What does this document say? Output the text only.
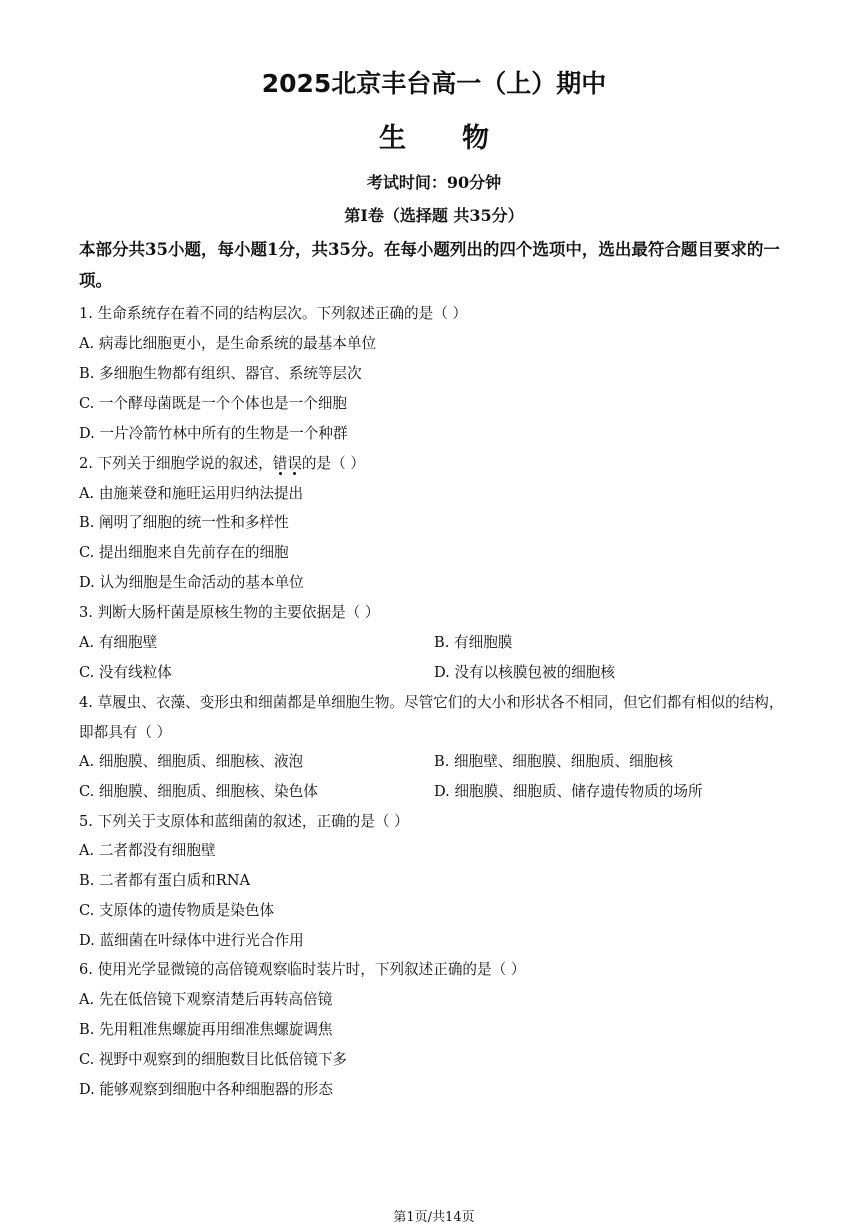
2025北京丰台高一（上）期中
生 物
考试时间：90分钟
第I卷（选择题 共35分）
本部分共35小题，每小题1分，共35分。在每小题列出的四个选项中，选出最符合题目要求的一项。
1. 生命系统存在着不同的结构层次。下列叙述正确的是（ ）
A. 病毒比细胞更小，是生命系统的最基本单位
B. 多细胞生物都有组织、器官、系统等层次
C. 一个酵母菌既是一个个体也是一个细胞
D. 一片冷箭竹林中所有的生物是一个种群
2. 下列关于细胞学说的叙述，错误的是（ ）
A. 由施莱登和施旺运用归纳法提出
B. 阐明了细胞的统一性和多样性
C. 提出细胞来自先前存在的细胞
D. 认为细胞是生命活动的基本单位
3. 判断大肠杆菌是原核生物的主要依据是（ ）
A. 有细胞壁	B. 有细胞膜
C. 没有线粒体	D. 没有以核膜包被的细胞核
4. 草履虫、衣藻、变形虫和细菌都是单细胞生物。尽管它们的大小和形状各不相同，但它们都有相似的结构，即都具有（ ）
A. 细胞膜、细胞质、细胞核、液泡	B. 细胞壁、细胞膜、细胞质、细胞核
C. 细胞膜、细胞质、细胞核、染色体	D. 细胞膜、细胞质、储存遗传物质的场所
5. 下列关于支原体和蓝细菌的叙述，正确的是（ ）
A. 二者都没有细胞壁
B. 二者都有蛋白质和RNA
C. 支原体的遗传物质是染色体
D. 蓝细菌在叶绿体中进行光合作用
6. 使用光学显微镜的高倍镜观察临时装片时，下列叙述正确的是（ ）
A. 先在低倍镜下观察清楚后再转高倍镜
B. 先用粗准焦螺旋再用细准焦螺旋调焦
C. 视野中观察到的细胞数目比低倍镜下多
D. 能够观察到细胞中各种细胞器的形态
第1页/共14页
